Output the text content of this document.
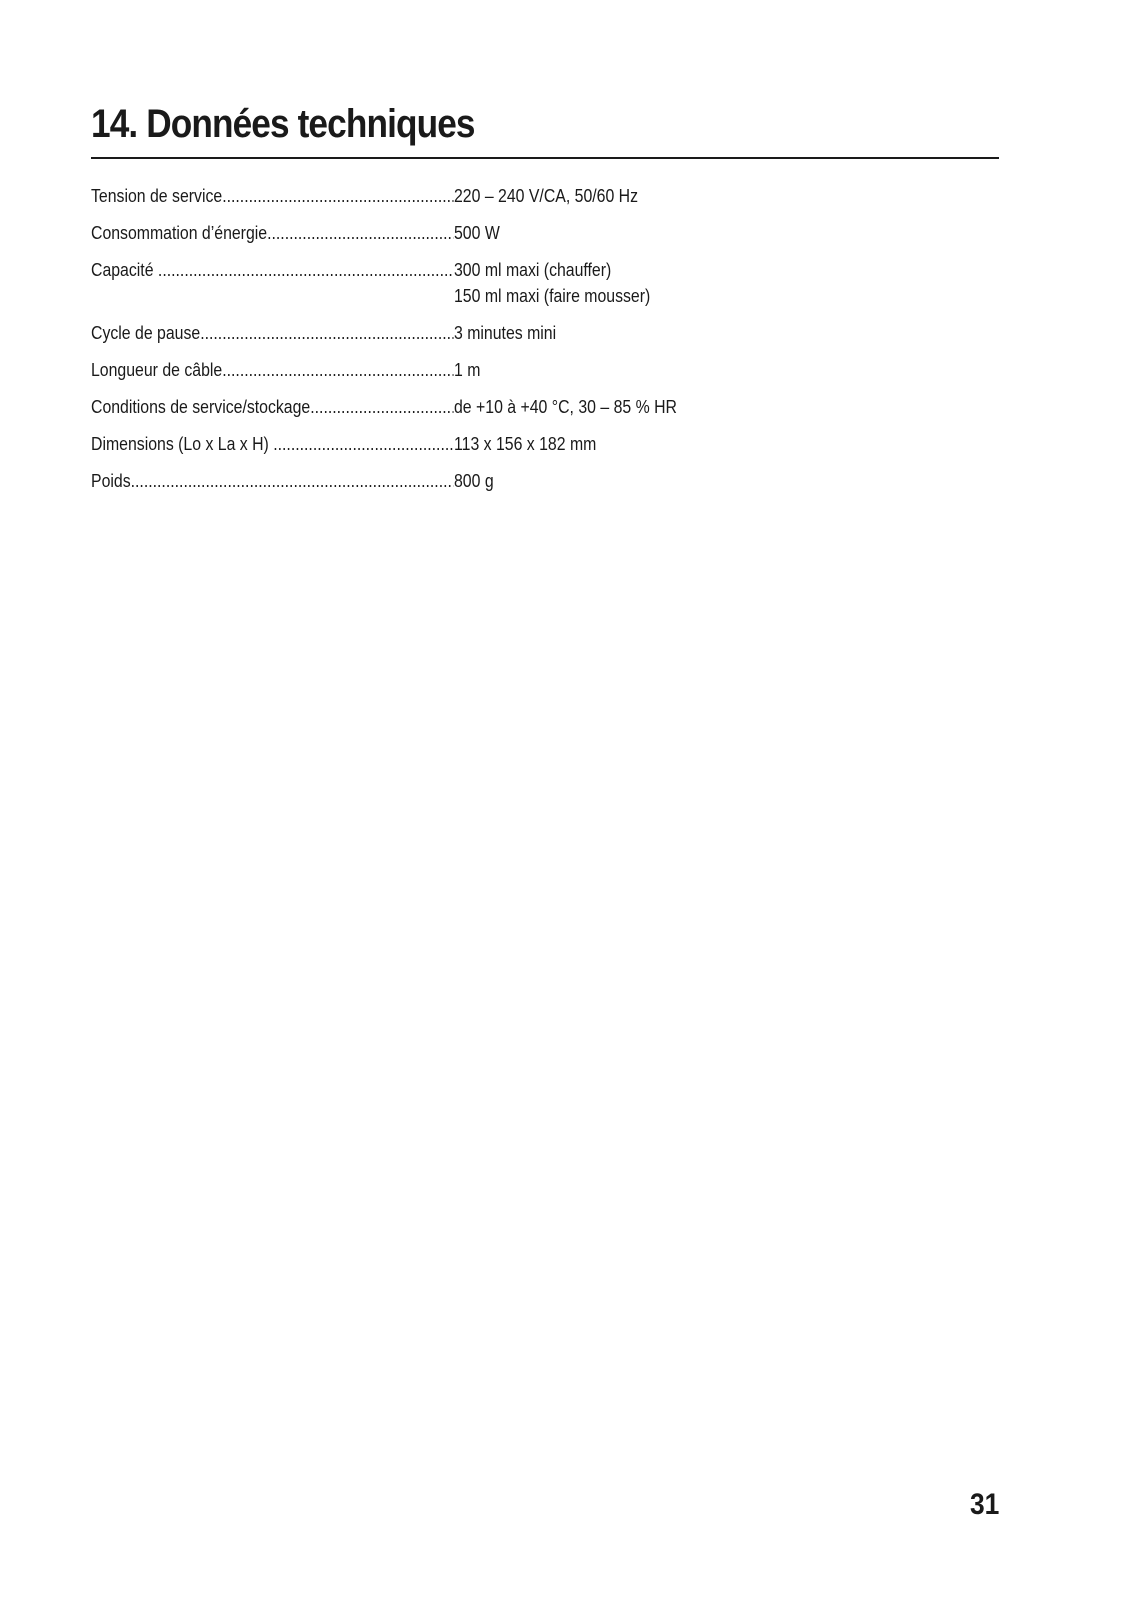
14. Données techniques
Tension de service .....	220 – 240 V/CA, 50/60 Hz
Consommation d’énergie .....	500 W
Capacité .....	300 ml maxi (chauffer)
150 ml maxi (faire mousser)
Cycle de pause .....	3 minutes mini
Longueur de câble .....	1 m
Conditions de service/stockage .....	de +10 à +40 °C, 30 – 85 % HR
Dimensions (Lo x La x H) .....	113 x 156 x 182 mm
Poids .....	800 g
31
